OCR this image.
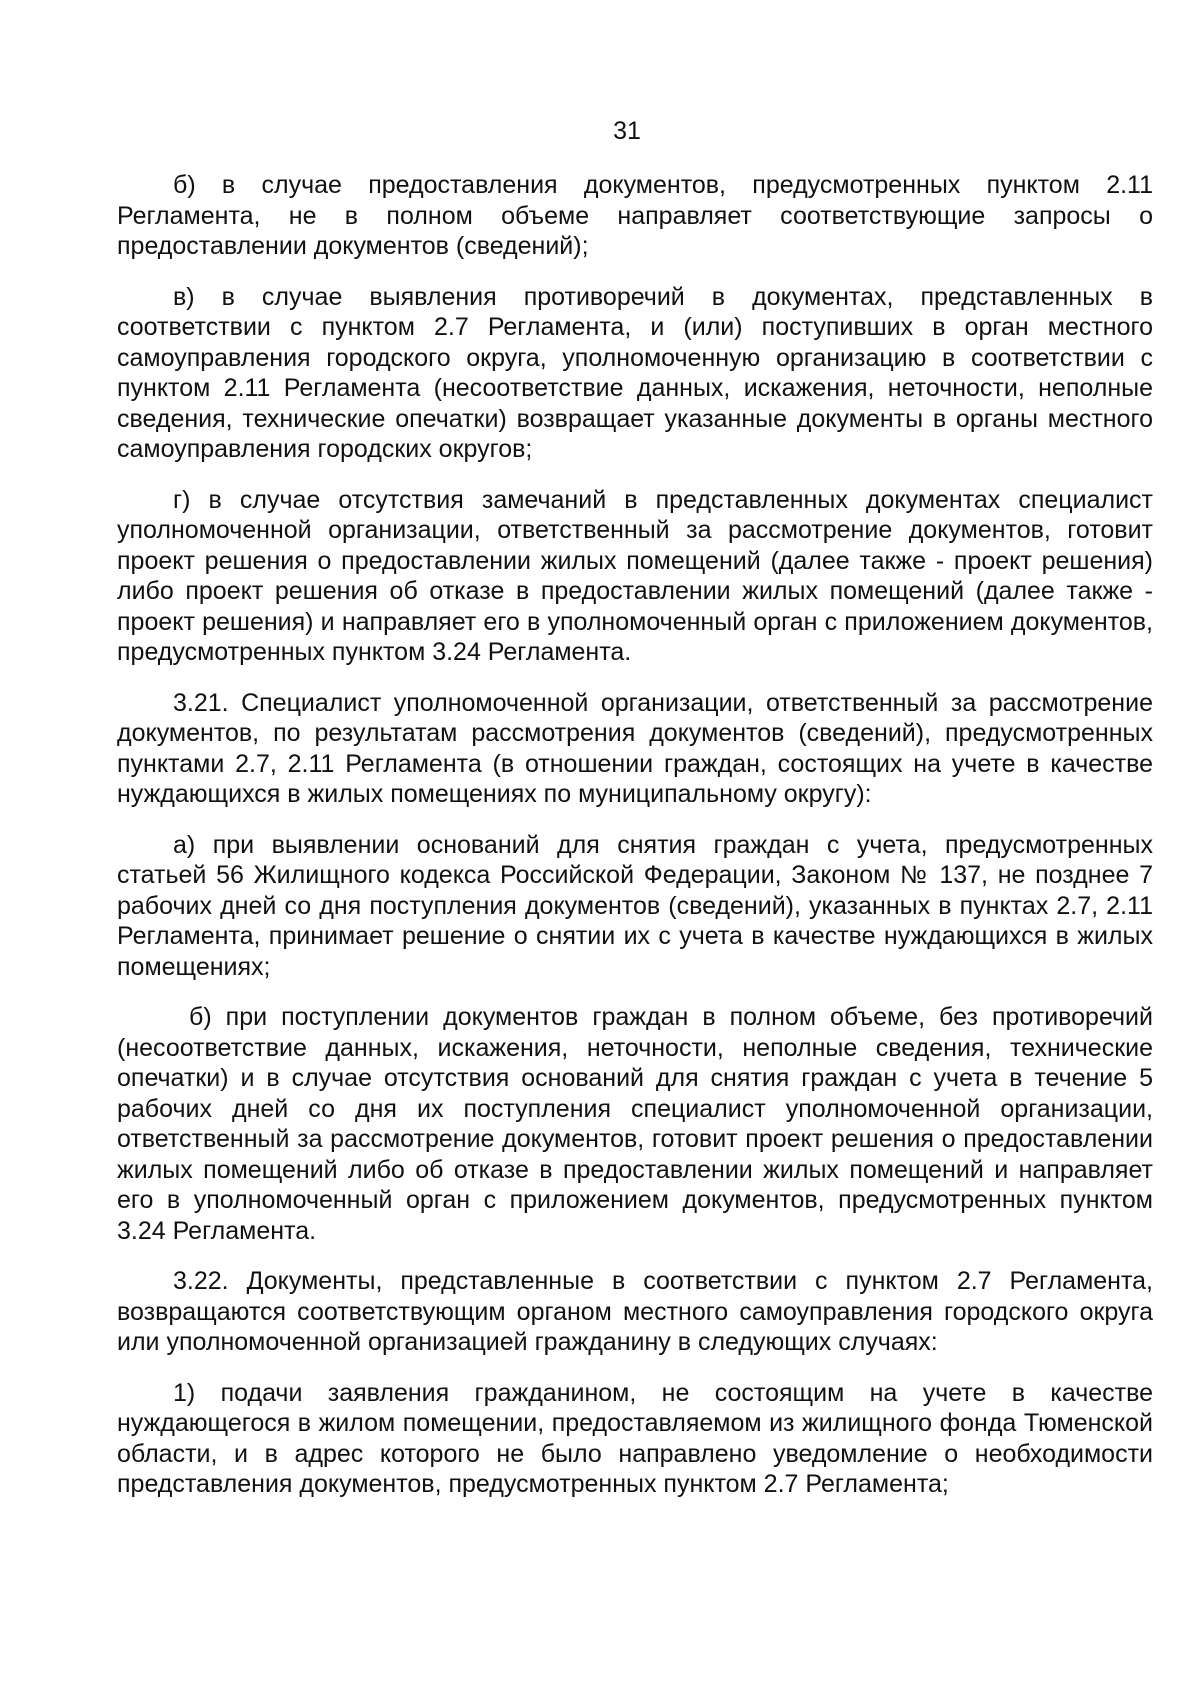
31

б) в случае предоставления документов, предусмотренных пунктом 2.11 Регламента, не в полном объеме направляет соответствующие запросы о предоставлении документов (сведений);

в) в случае выявления противоречий в документах, представленных в соответствии с пунктом 2.7 Регламента, и (или) поступивших в орган местного самоуправления городского округа, уполномоченную организацию в соответствии с пунктом 2.11 Регламента (несоответствие данных, искажения, неточности, неполные сведения, технические опечатки) возвращает указанные документы в органы местного самоуправления городских округов;

г) в случае отсутствия замечаний в представленных документах специалист уполномоченной организации, ответственный за рассмотрение документов, готовит проект решения о предоставлении жилых помещений (далее также - проект решения) либо проект решения об отказе в предоставлении жилых помещений (далее также - проект решения) и направляет его в уполномоченный орган с приложением документов, предусмотренных пунктом 3.24 Регламента.

3.21. Специалист уполномоченной организации, ответственный за рассмотрение документов, по результатам рассмотрения документов (сведений), предусмотренных пунктами 2.7, 2.11 Регламента (в отношении граждан, состоящих на учете в качестве нуждающихся в жилых помещениях по муниципальному округу):

а) при выявлении оснований для снятия граждан с учета, предусмотренных статьей 56 Жилищного кодекса Российской Федерации, Законом № 137, не позднее 7 рабочих дней со дня поступления документов (сведений), указанных в пунктах 2.7, 2.11 Регламента, принимает решение о снятии их с учета в качестве нуждающихся в жилых помещениях;

б) при поступлении документов граждан в полном объеме, без противоречий (несоответствие данных, искажения, неточности, неполные сведения, технические опечатки) и в случае отсутствия оснований для снятия граждан с учета в течение 5 рабочих дней со дня их поступления специалист уполномоченной организации, ответственный за рассмотрение документов, готовит проект решения о предоставлении жилых помещений либо об отказе в предоставлении жилых помещений и направляет его в уполномоченный орган с приложением документов, предусмотренных пунктом 3.24 Регламента.

3.22. Документы, представленные в соответствии с пунктом 2.7 Регламента, возвращаются соответствующим органом местного самоуправления городского округа или уполномоченной организацией гражданину в следующих случаях:

1) подачи заявления гражданином, не состоящим на учете в качестве нуждающегося в жилом помещении, предоставляемом из жилищного фонда Тюменской области, и в адрес которого не было направлено уведомление о необходимости представления документов, предусмотренных пунктом 2.7 Регламента;
